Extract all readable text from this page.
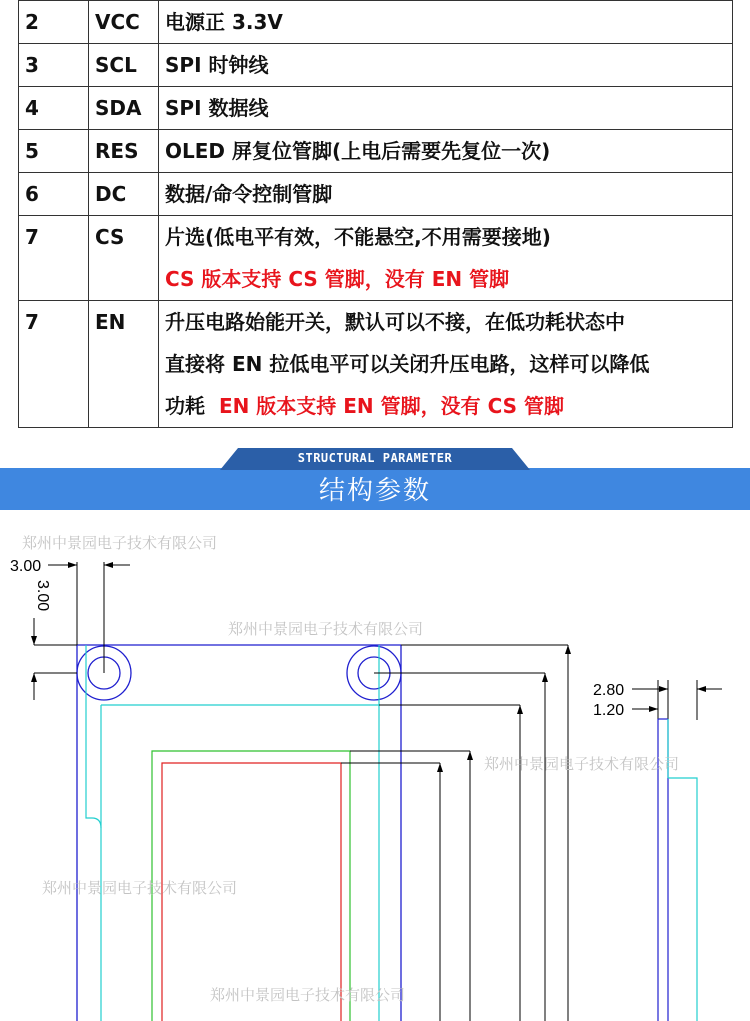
2	VCC	电源正 3.3V
3	SCL	SPI 时钟线
4	SDA	SPI 数据线
5	RES	OLED 屏复位管脚(上电后需要先复位一次)
6	DC	数据/命令控制管脚
7	CS	片选(低电平有效，不能悬空,不用需要接地)
CS 版本支持 CS 管脚，没有 EN 管脚

7	EN	升压电路始能开关，默认可以不接，在低功耗状态中
直接将 EN 拉低电平可以关闭升压电路，这样可以降低
功耗 EN 版本支持 EN 管脚，没有 CS 管脚
STRUCTURAL PARAMETER
结构参数
3.00
3.00
2.80
1.20
郑州中景园电子技术有限公司
郑州中景园电子技术有限公司
郑州中景园电子技术有限公司
郑州中景园电子技术有限公司
郑州中景园电子技术有限公司
